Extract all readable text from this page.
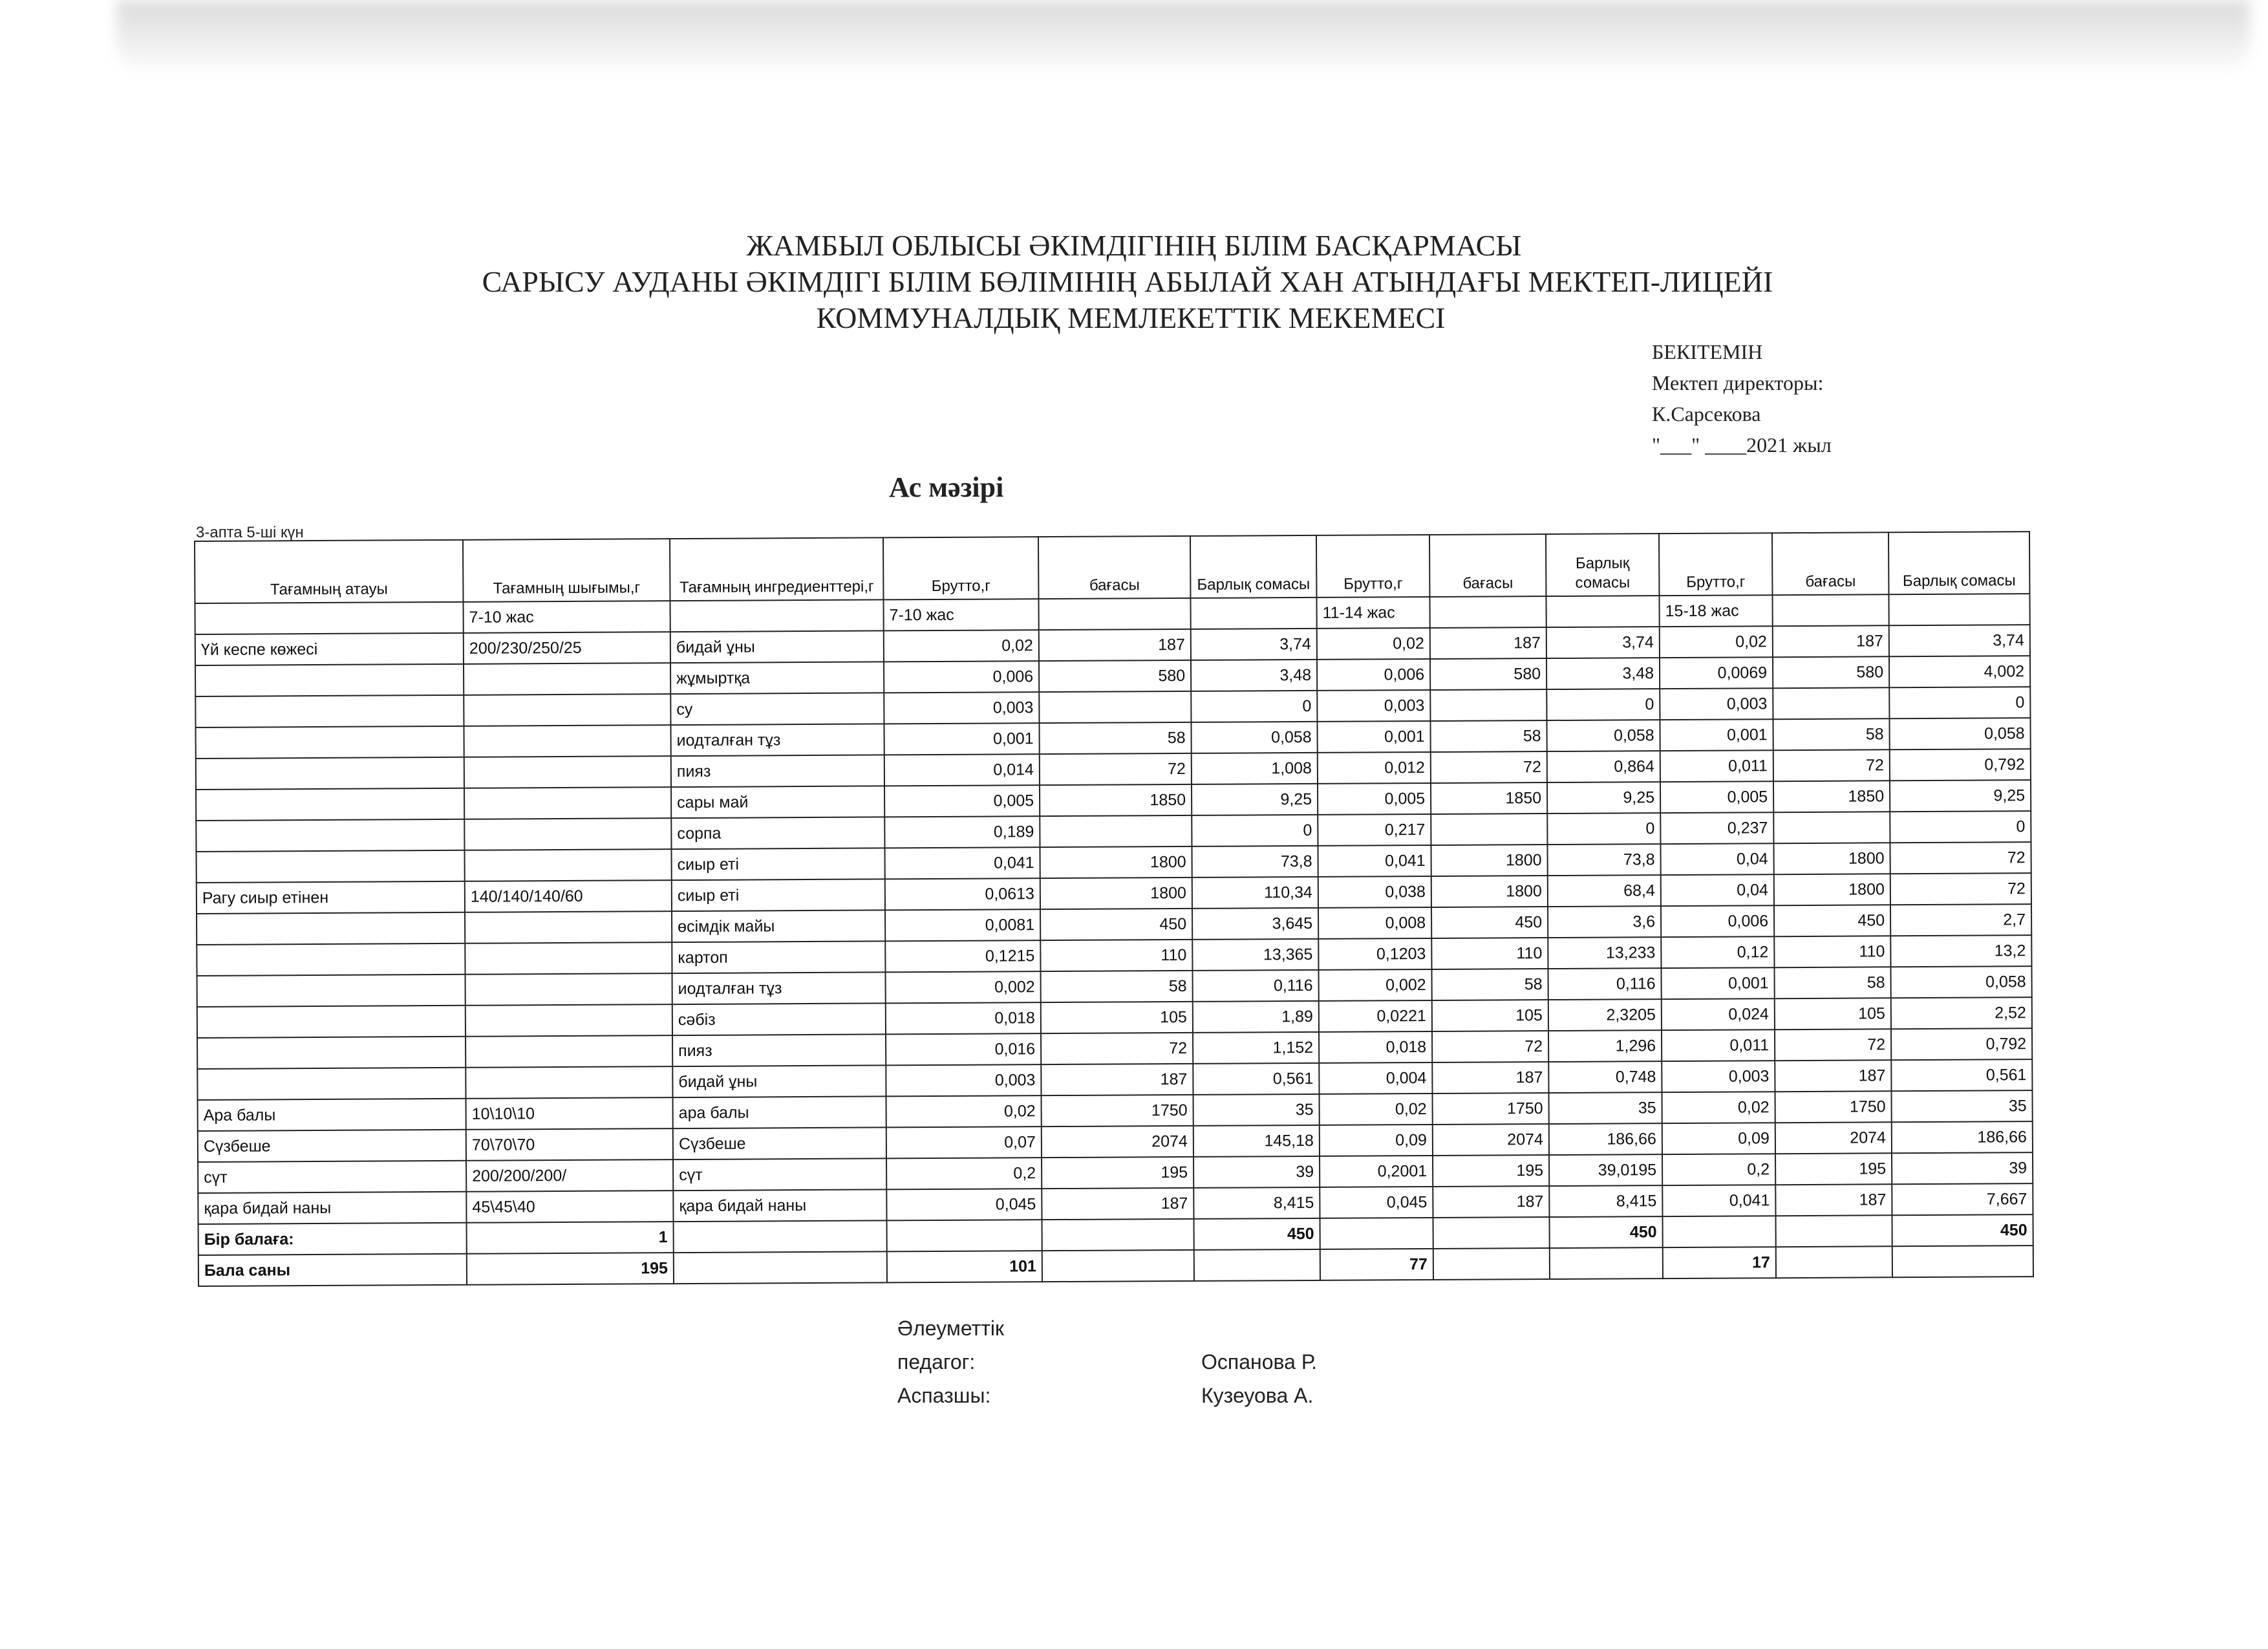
ЖАМБЫЛ ОБЛЫСЫ ӘКІМДІГІНІҢ БІЛІМ БАСҚАРМАСЫ
САРЫСУ АУДАНЫ ӘКІМДІГІ БІЛІМ БӨЛІМІНІҢ АБЫЛАЙ ХАН АТЫНДАҒЫ МЕКТЕП-ЛИЦЕЙІ
КОММУНАЛДЫҚ МЕМЛЕКЕТТІК МЕКЕМЕСІ
БЕКІТЕМІН
Мектеп директоры:
К.Сарсекова
"___" ____2021 жыл
Ас мәзірі
3-апта 5-ші күн
Тағамның атауы	Тағамның шығымы,г	Тағамның ингредиенттері,г	Брутто,г	бағасы	Барлық сомасы	Брутто,г	бағасы	Барлық сомасы	Брутто,г	бағасы	Барлық сомасы
	7-10 жас		7-10 жас			11-14 жас			15-18 жас		
Үй кеспе көжесі	200/230/250/25	бидай ұны	0,02	187	3,74	0,02	187	3,74	0,02	187	3,74
		жұмыртқа	0,006	580	3,48	0,006	580	3,48	0,0069	580	4,002
		су	0,003		0	0,003		0	0,003		0
		иодталған тұз	0,001	58	0,058	0,001	58	0,058	0,001	58	0,058
		пияз	0,014	72	1,008	0,012	72	0,864	0,011	72	0,792
		сары май	0,005	1850	9,25	0,005	1850	9,25	0,005	1850	9,25
		сорпа	0,189		0	0,217		0	0,237		0
		сиыр еті	0,041	1800	73,8	0,041	1800	73,8	0,04	1800	72
Рагу сиыр етінен	140/140/140/60	сиыр еті	0,0613	1800	110,34	0,038	1800	68,4	0,04	1800	72
		өсімдік майы	0,0081	450	3,645	0,008	450	3,6	0,006	450	2,7
		картоп	0,1215	110	13,365	0,1203	110	13,233	0,12	110	13,2
		иодталған тұз	0,002	58	0,116	0,002	58	0,116	0,001	58	0,058
		сәбіз	0,018	105	1,89	0,0221	105	2,3205	0,024	105	2,52
		пияз	0,016	72	1,152	0,018	72	1,296	0,011	72	0,792
		бидай ұны	0,003	187	0,561	0,004	187	0,748	0,003	187	0,561
Ара балы	10\10\10	ара балы	0,02	1750	35	0,02	1750	35	0,02	1750	35
Сүзбеше	70\70\70	Сүзбеше	0,07	2074	145,18	0,09	2074	186,66	0,09	2074	186,66
сүт	200/200/200/	сүт	0,2	195	39	0,2001	195	39,0195	0,2	195	39
қара бидай наны	45\45\40	қара бидай наны	0,045	187	8,415	0,045	187	8,415	0,041	187	7,667
Бір балаға:	1				450			450			450
Бала саны	195		101			77			17		
Әлеуметтік
педагог:	Оспанова Р.
Аспазшы:	Кузеуова А.
